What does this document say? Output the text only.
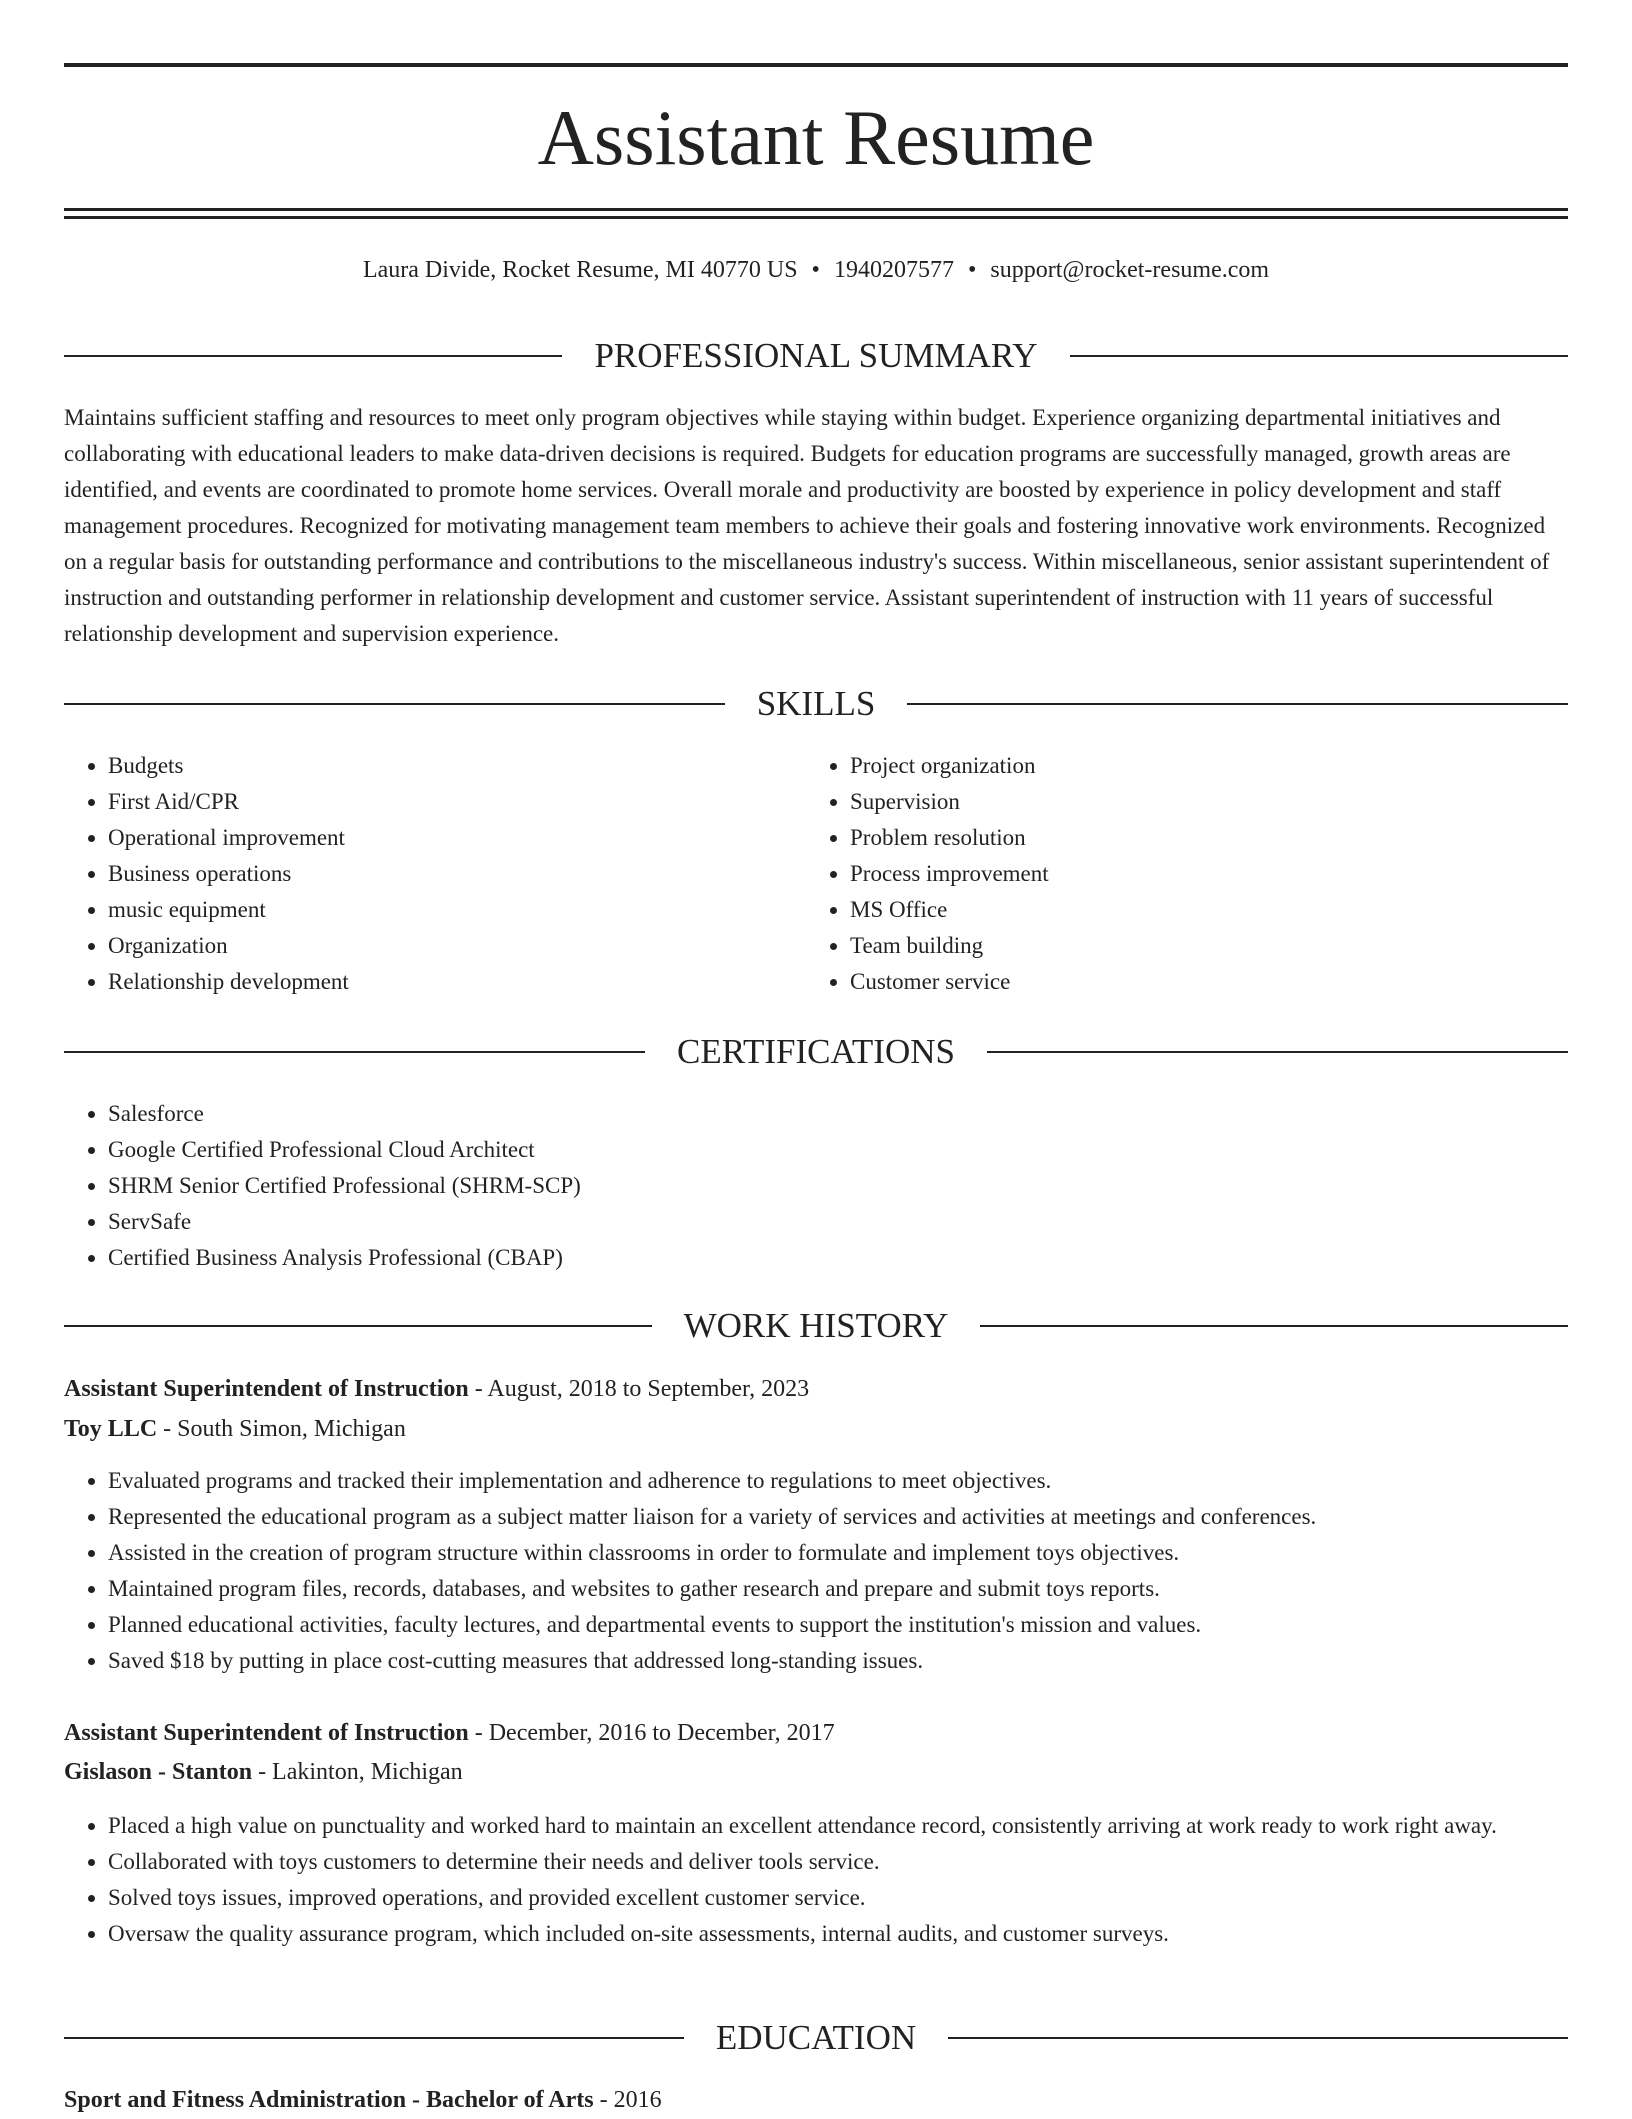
Assistant Resume
Laura Divide, Rocket Resume, MI 40770 US • 1940207577 • support@rocket-resume.com
PROFESSIONAL SUMMARY

Maintains sufficient staffing and resources to meet only program objectives while staying within budget. Experience organizing departmental initiatives and collaborating with educational leaders to make data-driven decisions is required. Budgets for education programs are successfully managed, growth areas are identified, and events are coordinated to promote home services. Overall morale and productivity are boosted by experience in policy development and staff management procedures. Recognized for motivating management team members to achieve their goals and fostering innovative work environments. Recognized on a regular basis for outstanding performance and contributions to the miscellaneous industry's success. Within miscellaneous, senior assistant superintendent of instruction and outstanding performer in relationship development and customer service. Assistant superintendent of instruction with 11 years of successful relationship development and supervision experience.

SKILLS
• Budgets
• First Aid/CPR
• Operational improvement
• Business operations
• music equipment
• Organization
• Relationship development
• Project organization
• Supervision
• Problem resolution
• Process improvement
• MS Office
• Team building
• Customer service
CERTIFICATIONS
• Salesforce
• Google Certified Professional Cloud Architect
• SHRM Senior Certified Professional (SHRM-SCP)
• ServSafe
• Certified Business Analysis Professional (CBAP)
WORK HISTORY
Assistant Superintendent of Instruction - August, 2018 to September, 2023
Toy LLC - South Simon, Michigan
• Evaluated programs and tracked their implementation and adherence to regulations to meet objectives.
• Represented the educational program as a subject matter liaison for a variety of services and activities at meetings and conferences.
• Assisted in the creation of program structure within classrooms in order to formulate and implement toys objectives.
• Maintained program files, records, databases, and websites to gather research and prepare and submit toys reports.
• Planned educational activities, faculty lectures, and departmental events to support the institution's mission and values.
• Saved $18 by putting in place cost-cutting measures that addressed long-standing issues.
Assistant Superintendent of Instruction - December, 2016 to December, 2017
Gislason - Stanton - Lakinton, Michigan
• Placed a high value on punctuality and worked hard to maintain an excellent attendance record, consistently arriving at work ready to work right away.
• Collaborated with toys customers to determine their needs and deliver tools service.
• Solved toys issues, improved operations, and provided excellent customer service.
• Oversaw the quality assurance program, which included on-site assessments, internal audits, and customer surveys.
EDUCATION
Sport and Fitness Administration - Bachelor of Arts - 2016
